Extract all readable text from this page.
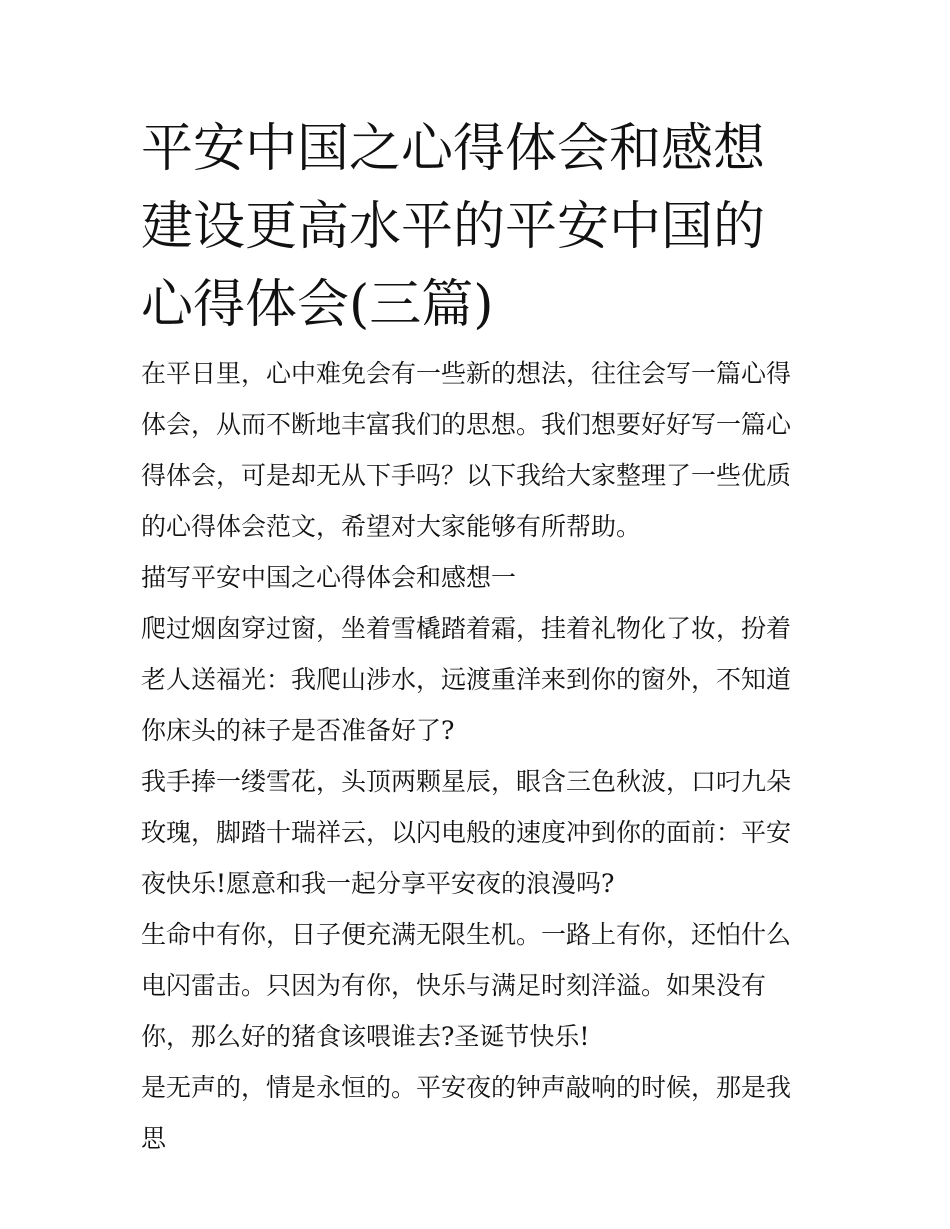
平安中国之心得体会和感想 建设更高水平的平安中国的心得体会(三篇)

在平日里，心中难免会有一些新的想法，往往会写一篇心得体会，从而不断地丰富我们的思想。我们想要好好写一篇心得体会，可是却无从下手吗？以下我给大家整理了一些优质的心得体会范文，希望对大家能够有所帮助。

描写平安中国之心得体会和感想一

爬过烟囱穿过窗，坐着雪橇踏着霜，挂着礼物化了妆，扮着老人送福光：我爬山涉水，远渡重洋来到你的窗外，不知道你床头的袜子是否准备好了?

我手捧一缕雪花，头顶两颗星辰，眼含三色秋波，口叼九朵玫瑰，脚踏十瑞祥云，以闪电般的速度冲到你的面前：平安夜快乐!愿意和我一起分享平安夜的浪漫吗?

生命中有你，日子便充满无限生机。一路上有你，还怕什么电闪雷击。只因为有你，快乐与满足时刻洋溢。如果没有你，那么好的猪食该喂谁去?圣诞节快乐!

是无声的，情是永恒的。平安夜的钟声敲响的时候，那是我思
